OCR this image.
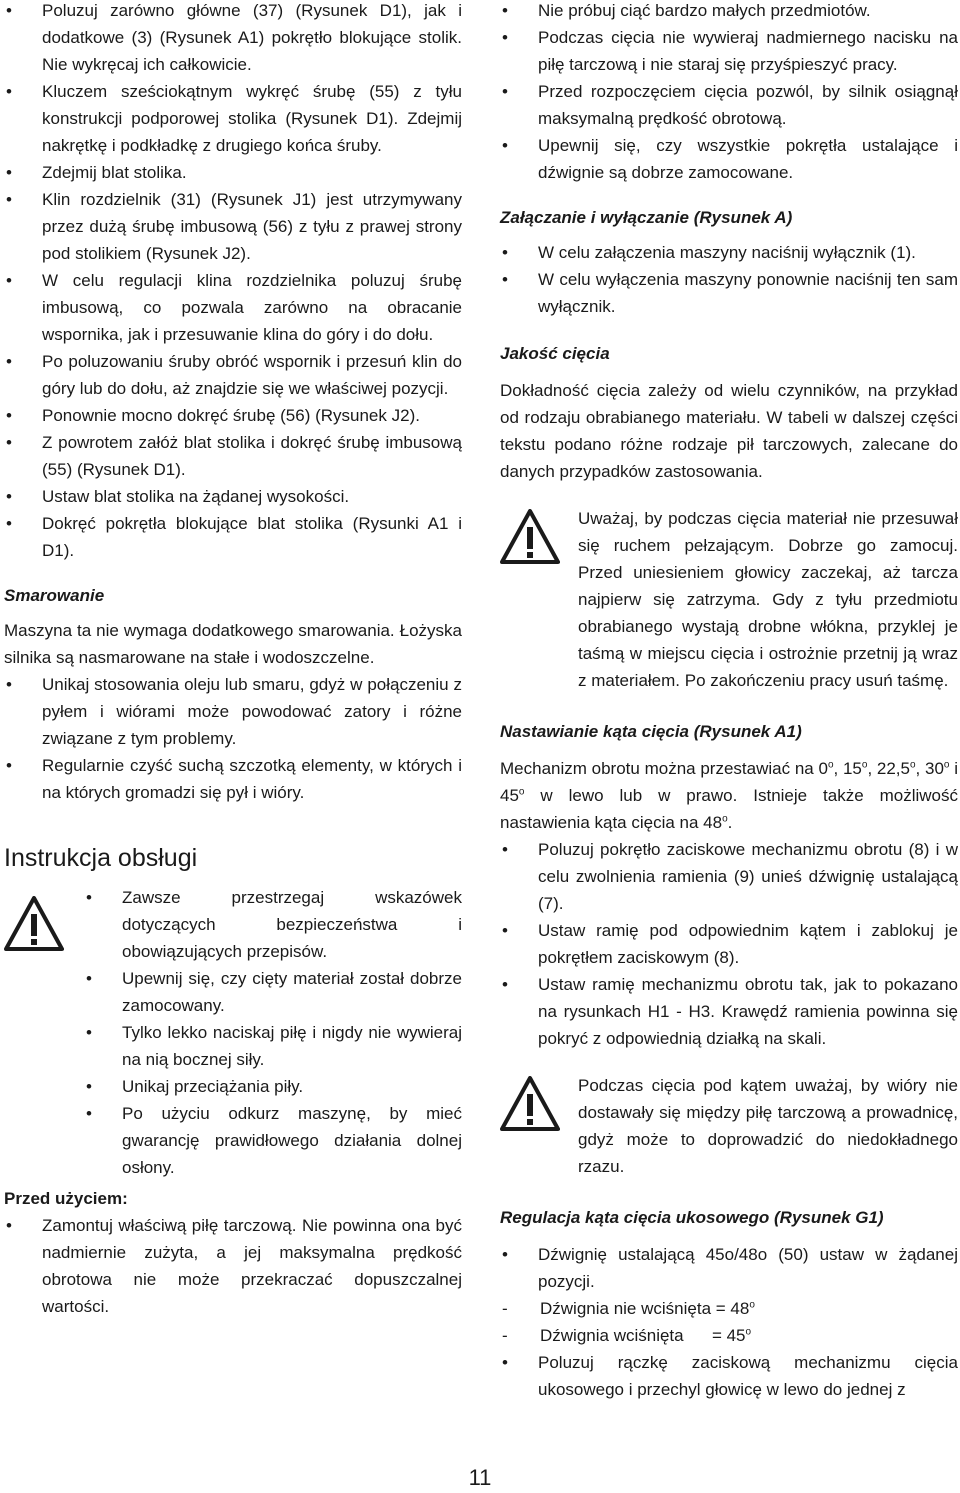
• Poluzuj zarówno główne (37) (Rysunek D1), jak i dodatkowe (3) (Rysunek A1) pokrętło blokujące stolik. Nie wykręcaj ich całkowicie.
• Kluczem sześciokątnym wykręć śrubę (55) z tyłu konstrukcji podporowej stolika (Rysunek D1). Zdejmij nakrętkę i podkładkę z drugiego końca śruby.
• Zdejmij blat stolika.
• Klin rozdzielnik (31) (Rysunek J1) jest utrzymywany przez dużą śrubę imbusową (56) z tyłu z prawej strony pod stolikiem (Rysunek J2).
• W celu regulacji klina rozdzielnika poluzuj śrubę imbusową, co pozwala zarówno na obracanie wspornika, jak i przesuwanie klina do góry i do dołu.
• Po poluzowaniu śruby obróć wspornik i przesuń klin do góry lub do dołu, aż znajdzie się we właściwej pozycji.
• Ponownie mocno dokręć śrubę (56) (Rysunek J2).
• Z powrotem załóż blat stolika i dokręć śrubę imbusową (55) (Rysunek D1).
• Ustaw blat stolika na żądanej wysokości.
• Dokręć pokrętła blokujące blat stolika (Rysunki A1 i D1).

Smarowanie

Maszyna ta nie wymaga dodatkowego smarowania. Łożyska silnika są nasmarowane na stałe i wodoszczelne.

• Unikaj stosowania oleju lub smaru, gdyż w połączeniu z pyłem i wiórami może powodować zatory i różne związane z tym problemy.
• Regularnie czyść suchą szczotką elementy, w których i na których gromadzi się pył i wióry.

Instrukcja obsługi

• Zawsze przestrzegaj wskazówek dotyczących bezpieczeństwa i obowiązujących przepisów.
• Upewnij się, czy cięty materiał został dobrze zamocowany.
• Tylko lekko naciskaj piłę i nigdy nie wywieraj na nią bocznej siły.
• Unikaj przeciążania piły.
• Po użyciu odkurz maszynę, by mieć gwarancję prawidłowego działania dolnej osłony.

Przed użyciem:

• Zamontuj właściwą piłę tarczową. Nie powinna ona być nadmiernie zużyta, a jej maksymalna prędkość obrotowa nie może przekraczać dopuszczalnej wartości.
• Nie próbuj ciąć bardzo małych przedmiotów.
• Podczas cięcia nie wywieraj nadmiernego nacisku na piłę tarczową i nie staraj się przyśpieszyć pracy.
• Przed rozpoczęciem cięcia pozwól, by silnik osiągnął maksymalną prędkość obrotową.
• Upewnij się, czy wszystkie pokrętła ustalające i dźwignie są dobrze zamocowane.

Załączanie i wyłączanie (Rysunek A)

• W celu załączenia maszyny naciśnij wyłącznik (1).
• W celu wyłączenia maszyny ponownie naciśnij ten sam wyłącznik.

Jakość cięcia

Dokładność cięcia zależy od wielu czynników, na przykład od rodzaju obrabianego materiału. W tabeli w dalszej części tekstu podano różne rodzaje pił tarczowych, zalecane do danych przypadków zastosowania.

Uważaj, by podczas cięcia materiał nie przesuwał się ruchem pełzającym. Dobrze go zamocuj. Przed uniesieniem głowicy zaczekaj, aż tarcza najpierw się zatrzyma. Gdy z tyłu przedmiotu obrabianego wystają drobne włókna, przyklej je taśmą w miejscu cięcia i ostrożnie przetnij ją wraz z materiałem. Po zakończeniu pracy usuń taśmę.

Nastawianie kąta cięcia (Rysunek A1)

Mechanizm obrotu można przestawiać na 0$^o$, 15$^o$, 22,5$^o$, 30$^o$ i 45$^o$ w lewo lub w prawo. Istnieje także możliwość nastawienia kąta cięcia na 48$^o$.

• Poluzuj pokrętło zaciskowe mechanizmu obrotu (8) i w celu zwolnienia ramienia (9) unieś dźwignię ustalającą (7).
• Ustaw ramię pod odpowiednim kątem i zablokuj je pokrętłem zaciskowym (8).
• Ustaw ramię mechanizmu obrotu tak, jak to pokazano na rysunkach H1 - H3. Krawędź ramienia powinna się pokryć z odpowiednią działką na skali.

Podczas cięcia pod kątem uważaj, by wióry nie dostawały się między piłę tarczową a prowadnicę, gdyż może to doprowadzić do niedokładnego rzazu.

Regulacja kąta cięcia ukosowego (Rysunek G1)

• Dźwignię ustalającą 45o/48o (50) ustaw w żądanej pozycji.
- Dźwignia nie wciśnięta = $48^o$
- Dźwignia wciśnięta      = $45^o$
• Poluzuj rączkę zaciskową mechanizmu cięcia ukosowego i przechyl głowicę w lewo do jednej z
11
